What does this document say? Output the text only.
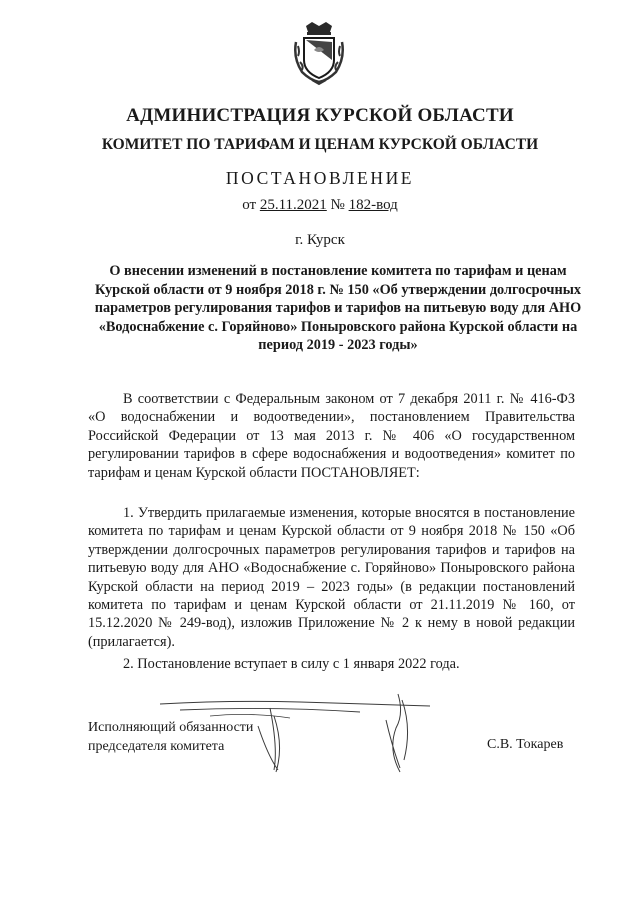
АДМИНИСТРАЦИЯ КУРСКОЙ ОБЛАСТИ
КОМИТЕТ ПО ТАРИФАМ И ЦЕНАМ КУРСКОЙ ОБЛАСТИ
ПОСТАНОВЛЕНИЕ
от 25.11.2021 № 182-вод
г. Курск
О внесении изменений в постановление комитета по тарифам и ценам Курской области от 9 ноября 2018 г. № 150 «Об утверждении долгосрочных параметров регулирования тарифов и тарифов на питьевую воду для АНО «Водоснабжение с. Горяйново» Поныровского района Курской области на период 2019 - 2023 годы»

В соответствии с Федеральным законом от 7 декабря 2011 г. № 416-ФЗ «О водоснабжении и водоотведении», постановлением Правительства Российской Федерации от 13 мая 2013 г. № 406 «О государственном регулировании тарифов в сфере водоснабжения и водоотведения» комитет по тарифам и ценам Курской области ПОСТАНОВЛЯЕТ:

1. Утвердить прилагаемые изменения, которые вносятся в постановление комитета по тарифам и ценам Курской области от 9 ноября 2018 № 150 «Об утверждении долгосрочных параметров регулирования тарифов и тарифов на питьевую воду для АНО «Водоснабжение с. Горяйново» Поныровского района Курской области на период 2019 – 2023 годы» (в редакции постановлений комитета по тарифам и ценам Курской области от 21.11.2019 № 160, от 15.12.2020 № 249-вод), изложив Приложение № 2 к нему в новой редакции (прилагается).

2. Постановление вступает в силу с 1 января 2022 года.

Исполняющий обязанности
председателя комитета	С.В. Токарев
